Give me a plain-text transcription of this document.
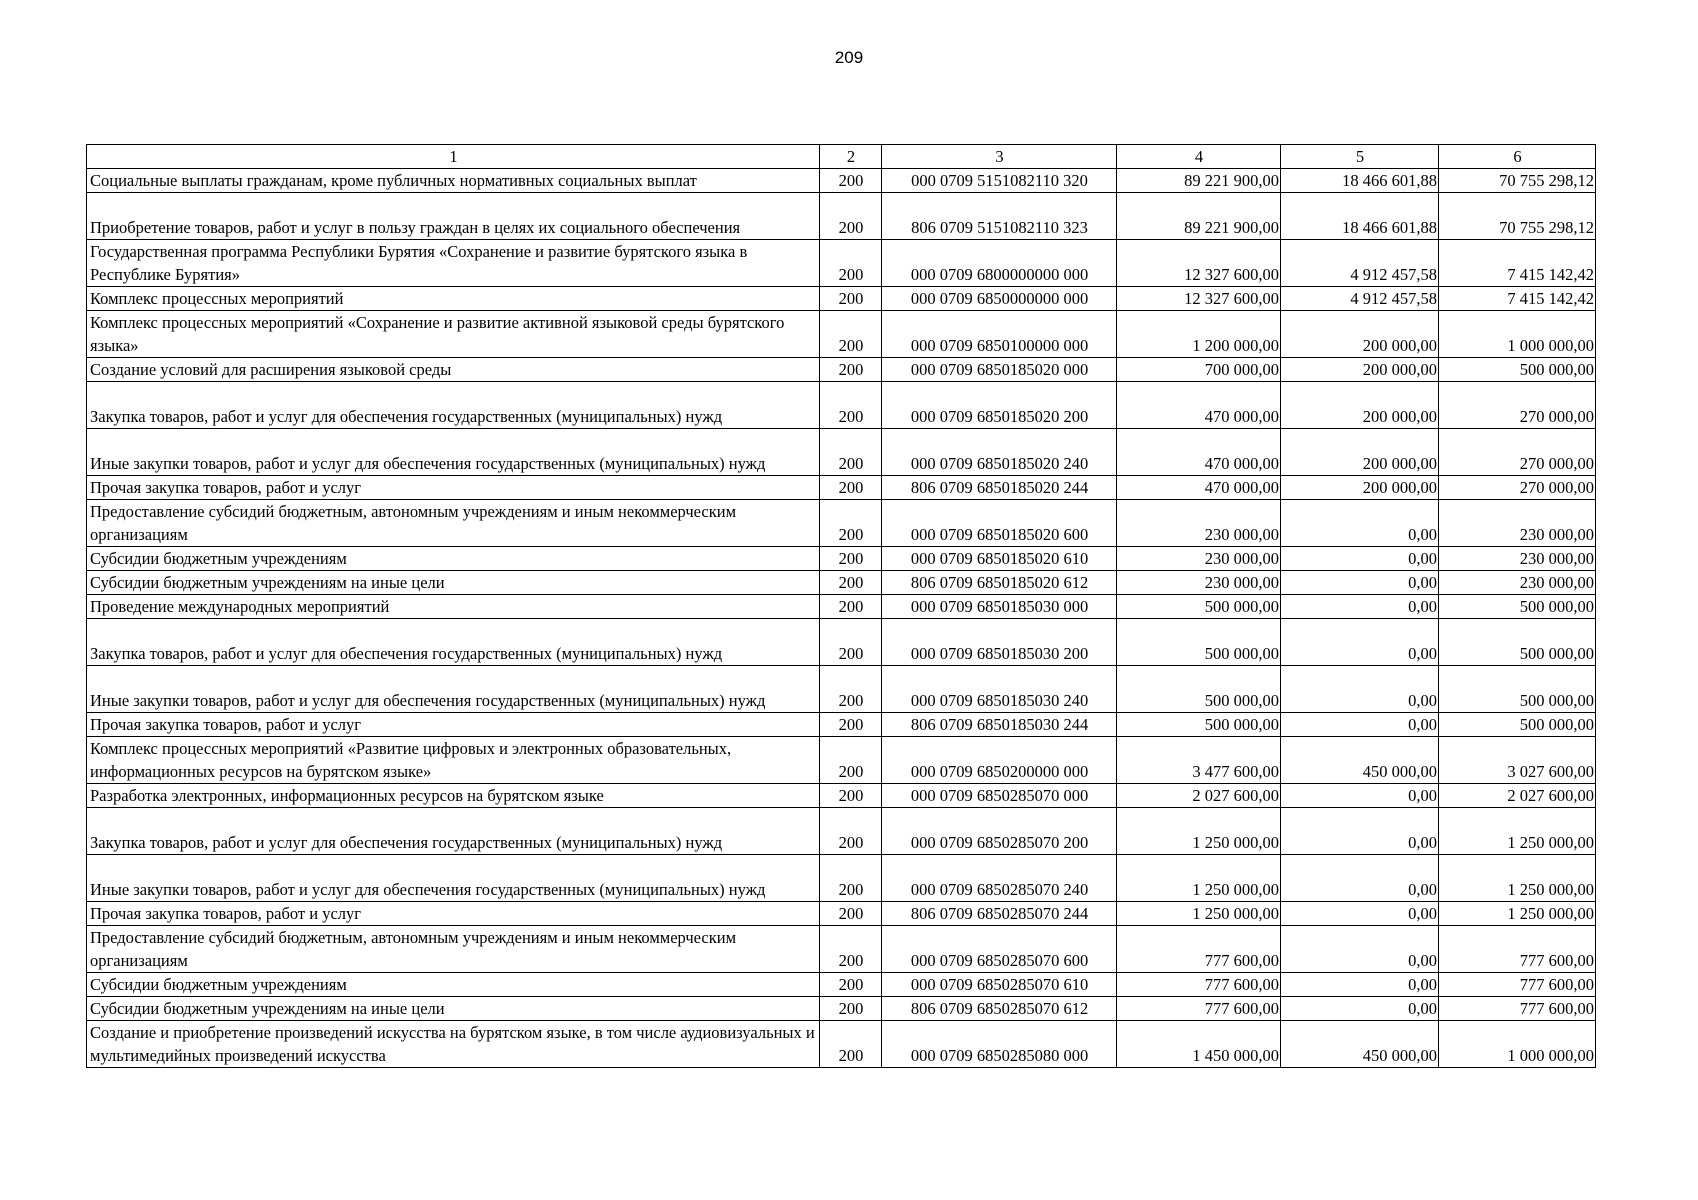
209
1	2	3	4	5	6
Социальные выплаты гражданам, кроме публичных нормативных социальных выплат	200	000 0709 5151082110 320	89 221 900,00	18 466 601,88	70 755 298,12
Приобретение товаров, работ и услуг в пользу граждан в целях их социального обеспечения	200	806 0709 5151082110 323	89 221 900,00	18 466 601,88	70 755 298,12
Государственная программа Республики Бурятия «Сохранение и развитие бурятского языка в Республике Бурятия»	200	000 0709 6800000000 000	12 327 600,00	4 912 457,58	7 415 142,42
Комплекс процессных мероприятий	200	000 0709 6850000000 000	12 327 600,00	4 912 457,58	7 415 142,42
Комплекс процессных мероприятий «Сохранение и развитие активной языковой среды бурятского языка»	200	000 0709 6850100000 000	1 200 000,00	200 000,00	1 000 000,00
Создание условий для расширения языковой среды	200	000 0709 6850185020 000	700 000,00	200 000,00	500 000,00
Закупка товаров, работ и услуг для обеспечения государственных (муниципальных) нужд	200	000 0709 6850185020 200	470 000,00	200 000,00	270 000,00
Иные закупки товаров, работ и услуг для обеспечения государственных (муниципальных) нужд	200	000 0709 6850185020 240	470 000,00	200 000,00	270 000,00
Прочая закупка товаров, работ и услуг	200	806 0709 6850185020 244	470 000,00	200 000,00	270 000,00
Предоставление субсидий бюджетным, автономным учреждениям и иным некоммерческим организациям	200	000 0709 6850185020 600	230 000,00	0,00	230 000,00
Субсидии бюджетным учреждениям	200	000 0709 6850185020 610	230 000,00	0,00	230 000,00
Субсидии бюджетным учреждениям на иные цели	200	806 0709 6850185020 612	230 000,00	0,00	230 000,00
Проведение международных мероприятий	200	000 0709 6850185030 000	500 000,00	0,00	500 000,00
Закупка товаров, работ и услуг для обеспечения государственных (муниципальных) нужд	200	000 0709 6850185030 200	500 000,00	0,00	500 000,00
Иные закупки товаров, работ и услуг для обеспечения государственных (муниципальных) нужд	200	000 0709 6850185030 240	500 000,00	0,00	500 000,00
Прочая закупка товаров, работ и услуг	200	806 0709 6850185030 244	500 000,00	0,00	500 000,00
Комплекс процессных мероприятий «Развитие цифровых и электронных образовательных, информационных ресурсов на бурятском языке»	200	000 0709 6850200000 000	3 477 600,00	450 000,00	3 027 600,00
Разработка электронных, информационных ресурсов на бурятском языке	200	000 0709 6850285070 000	2 027 600,00	0,00	2 027 600,00
Закупка товаров, работ и услуг для обеспечения государственных (муниципальных) нужд	200	000 0709 6850285070 200	1 250 000,00	0,00	1 250 000,00
Иные закупки товаров, работ и услуг для обеспечения государственных (муниципальных) нужд	200	000 0709 6850285070 240	1 250 000,00	0,00	1 250 000,00
Прочая закупка товаров, работ и услуг	200	806 0709 6850285070 244	1 250 000,00	0,00	1 250 000,00
Предоставление субсидий бюджетным, автономным учреждениям и иным некоммерческим организациям	200	000 0709 6850285070 600	777 600,00	0,00	777 600,00
Субсидии бюджетным учреждениям	200	000 0709 6850285070 610	777 600,00	0,00	777 600,00
Субсидии бюджетным учреждениям на иные цели	200	806 0709 6850285070 612	777 600,00	0,00	777 600,00
Создание и приобретение произведений искусства на бурятском языке, в том числе аудиовизуальных и мультимедийных произведений искусства	200	000 0709 6850285080 000	1 450 000,00	450 000,00	1 000 000,00
